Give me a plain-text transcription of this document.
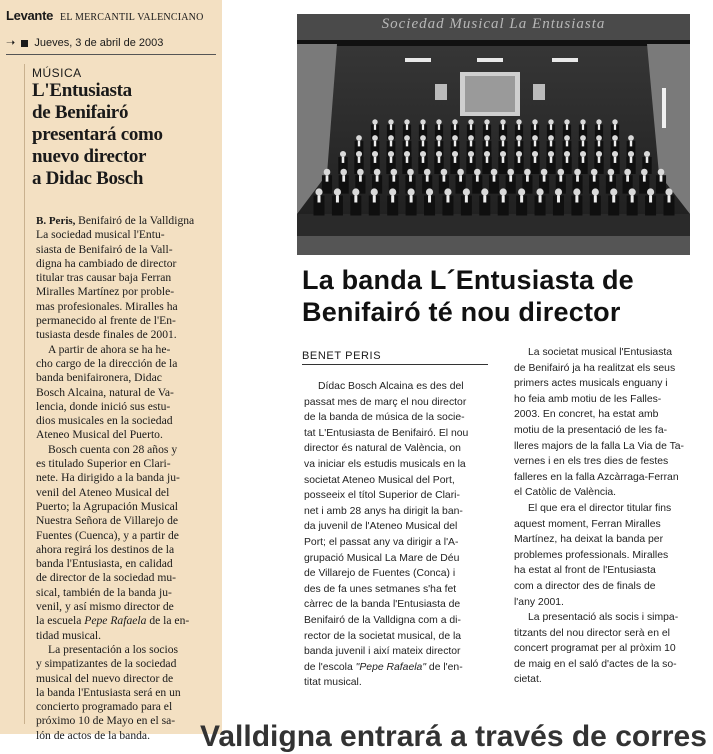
Levante EL MERCANTIL VALENCIANO
➝ Jueves, 3 de abril de 2003
MÚSICA
L'Entusiasta
de Benifairó
presentará como
nuevo director
a Didac Bosch
B. Peris, Benifairó de la Valldigna
La sociedad musical l'Entu-
siasta de Benifairó de la Vall-
digna ha cambiado de director
titular tras causar baja Ferran
Miralles Martínez por proble-
mas profesionales. Miralles ha
permanecido al frente de l'En-
tusiasta desde finales de 2001.
A partir de ahora se ha he-
cho cargo de la dirección de la
banda benifaironera, Didac
Bosch Alcaina, natural de Va-
lencia, donde inició sus estu-
dios musicales en la sociedad
Ateneo Musical del Puerto.
Bosch cuenta con 28 años y
es titulado Superior en Clari-
nete. Ha dirigido a la banda ju-
venil del Ateneo Musical del
Puerto; la Agrupación Musical
Nuestra Señora de Villarejo de
Fuentes (Cuenca), y a partir de
ahora regirá los destinos de la
banda l'Entusiasta, en calidad
de director de la sociedad mu-
sical, también de la banda ju-
venil, y así mismo director de
la escuela Pepe Rafaela de la en-
tidad musical.
La presentación a los socios
y simpatizantes de la sociedad
musical del nuevo director de
la banda l'Entusiasta será en un
concierto programado para el
próximo 10 de Mayo en el sa-
lón de actos de la banda.
Sociedad Musical La Entusiasta
La banda L´Entusiasta de
Benifairó té nou director
BENET PERIS
Dídac Bosch Alcaina es des del
passat mes de març el nou director
de la banda de música de la socie-
tat L'Entusiasta de Benifairó. El nou
director és natural de València, on
va iniciar els estudis musicals en la
societat Ateneo Musical del Port,
posseeix el títol Superior de Clari-
net i amb 28 anys ha dirigit la ban-
da juvenil de l'Ateneo Musical del
Port; el passat any va dirigir a l'A-
grupació Musical La Mare de Déu
de Villarejo de Fuentes (Conca) i
des de fa unes setmanes s'ha fet
càrrec de la banda l'Entusiasta de
Benifairó de la Valldigna com a di-
rector de la societat musical, de la
banda juvenil i així mateix director
de l'escola "Pepe Rafaela" de l'en-
titat musical.
La societat musical l'Entusiasta
de Benifairó ja ha realitzat els seus
primers actes musicals enguany i
ho feia amb motiu de les Falles-
2003. En concret, ha estat amb
motiu de la presentació de les fa-
lleres majors de la falla La Via de Ta-
vernes i en els tres dies de festes
falleres en la falla Azcàrraga-Ferran
el Catòlic de València.
El que era el director titular fins
aquest moment, Ferran Miralles
Martínez, ha deixat la banda per
problemes professionals. Miralles
ha estat al front de l'Entusiasta
com a director des de finals de
l'any 2001.
La presentació als socis i simpa-
titzants del nou director serà en el
concert programat per al pròxim 10
de maig en el saló d'actes de la so-
cietat.
Valldigna entrará a través de corres
